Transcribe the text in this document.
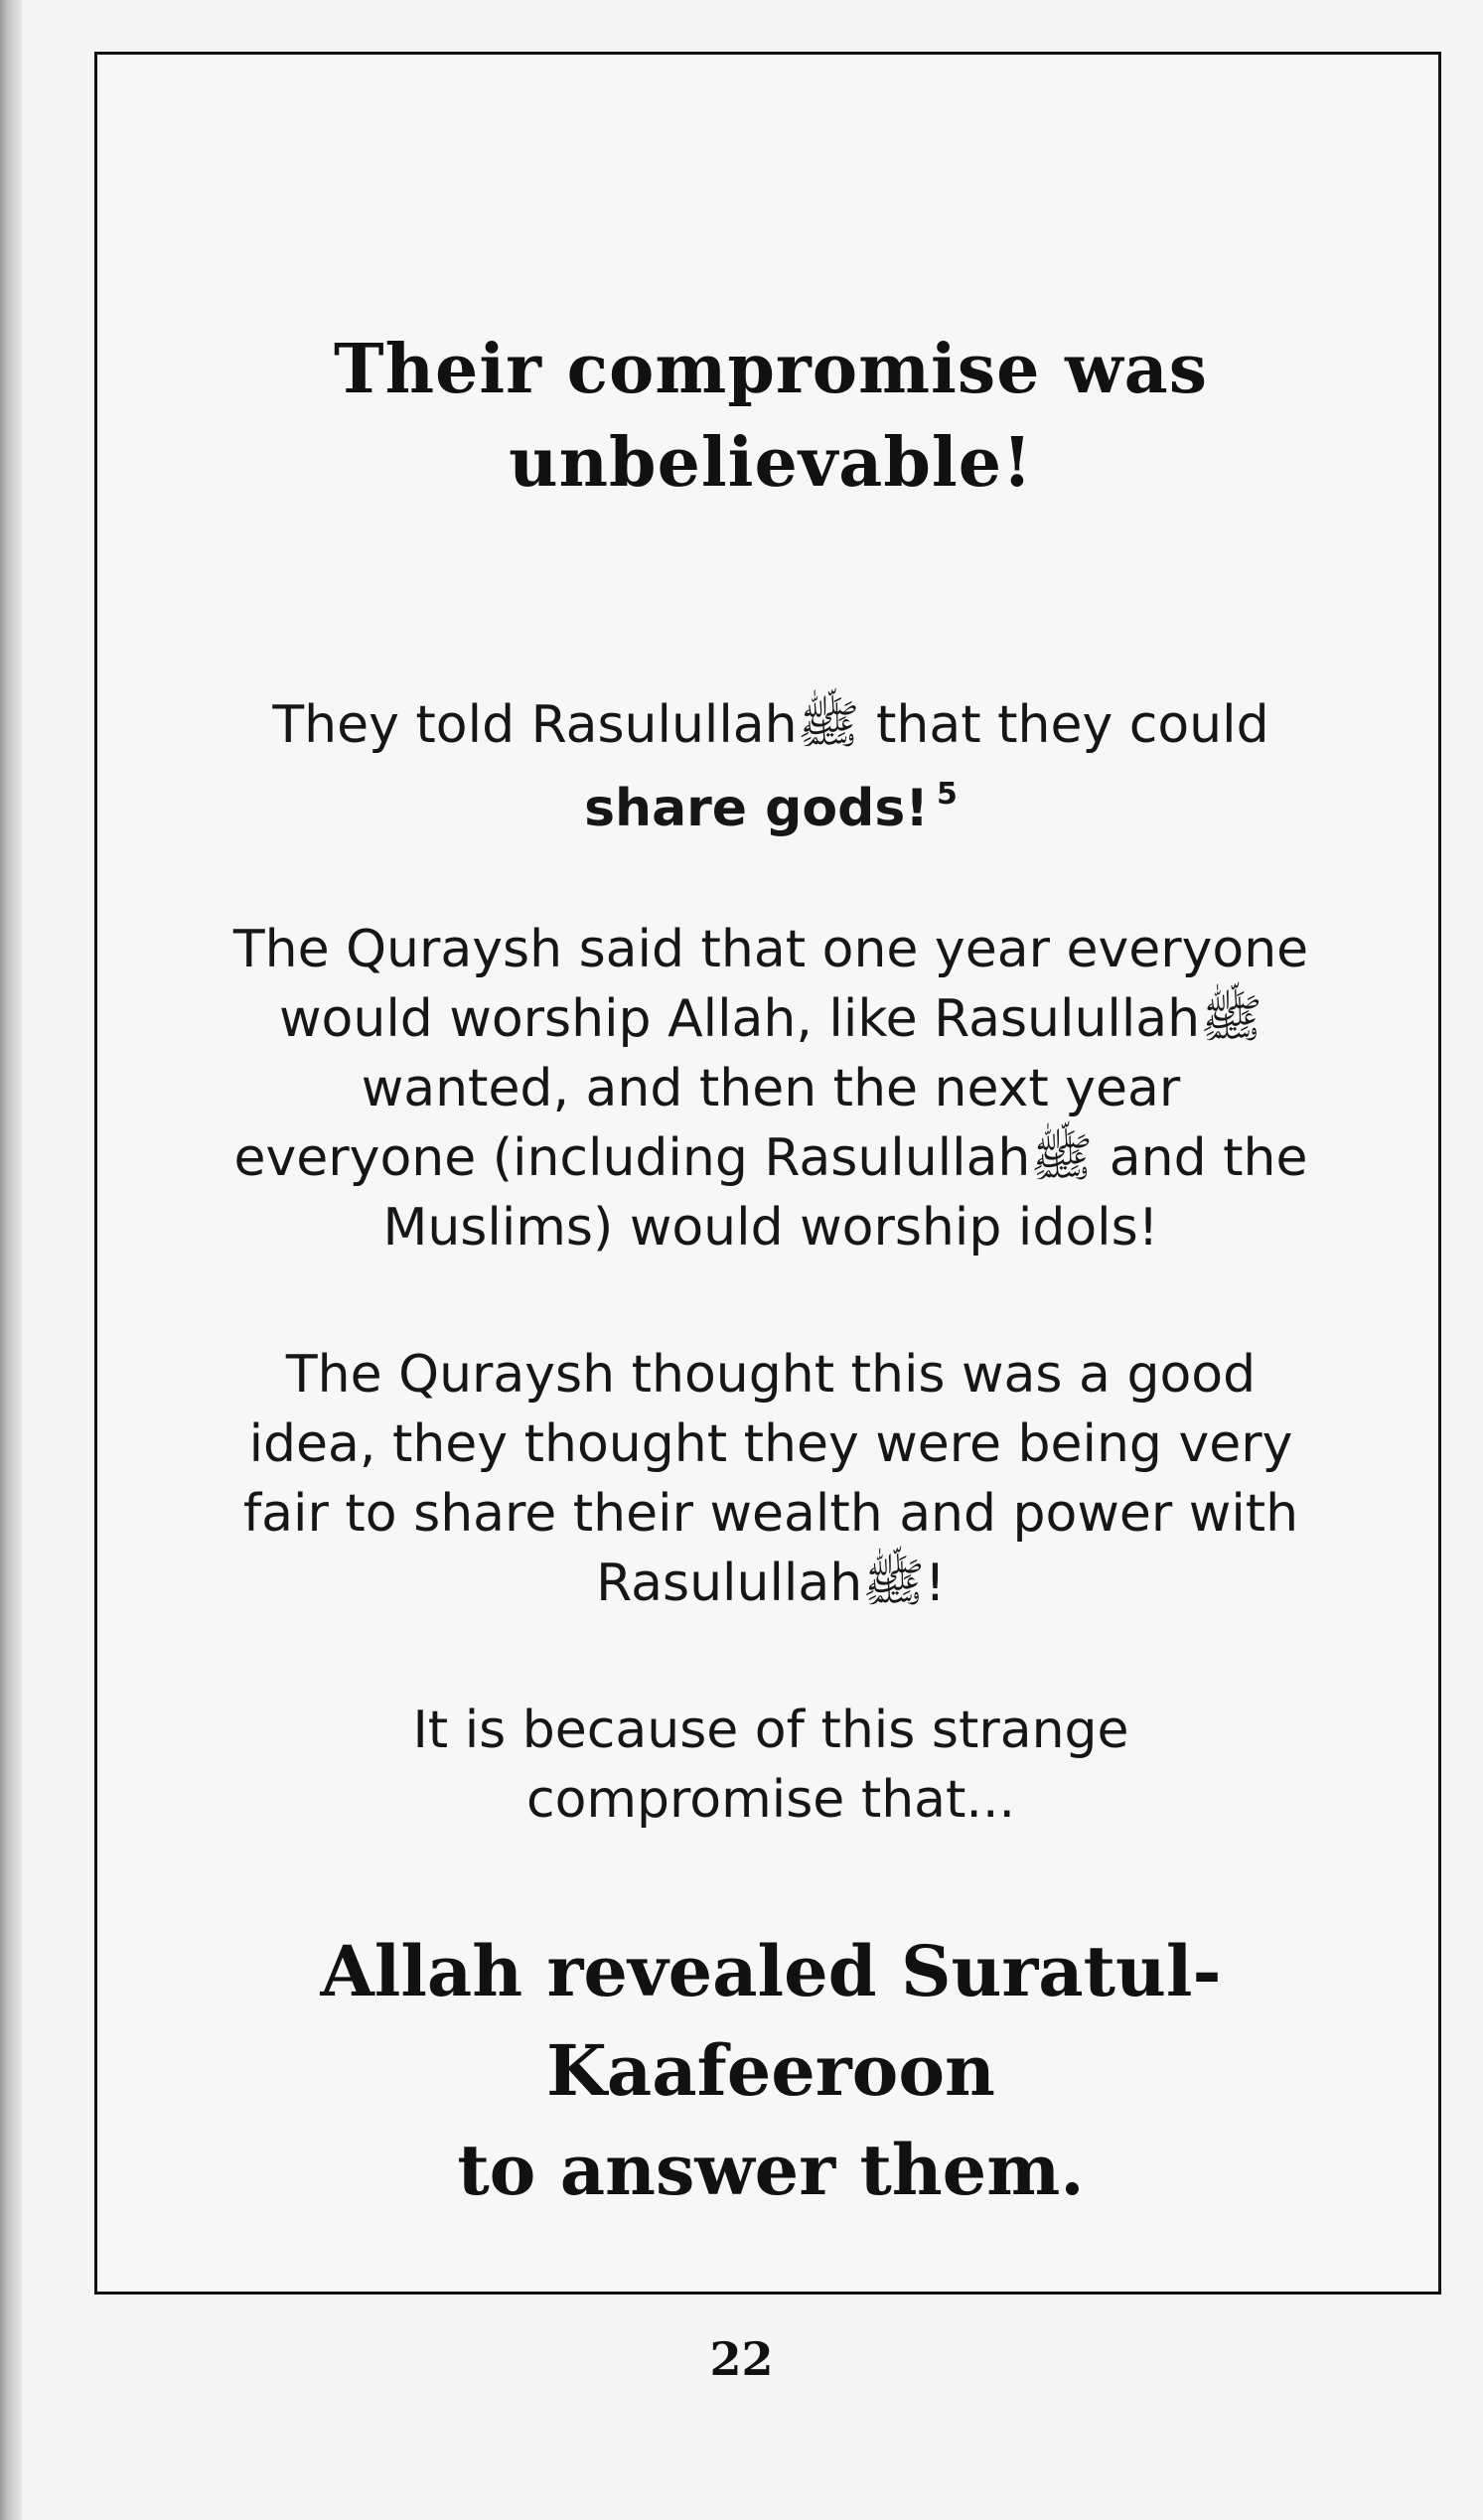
Their compromise was
unbelievable!
They told Rasulullahﷺ that they could
share gods! $^5$
The Quraysh said that one year everyone
would worship Allah, like Rasulullahﷺ
wanted, and then the next year
everyone (including Rasulullahﷺ and the
Muslims) would worship idols!
The Quraysh thought this was a good
idea, they thought they were being very
fair to share their wealth and power with
Rasulullahﷺ!
It is because of this strange
compromise that...
Allah revealed Suratul-Kaafeeroon
to answer them.
22
